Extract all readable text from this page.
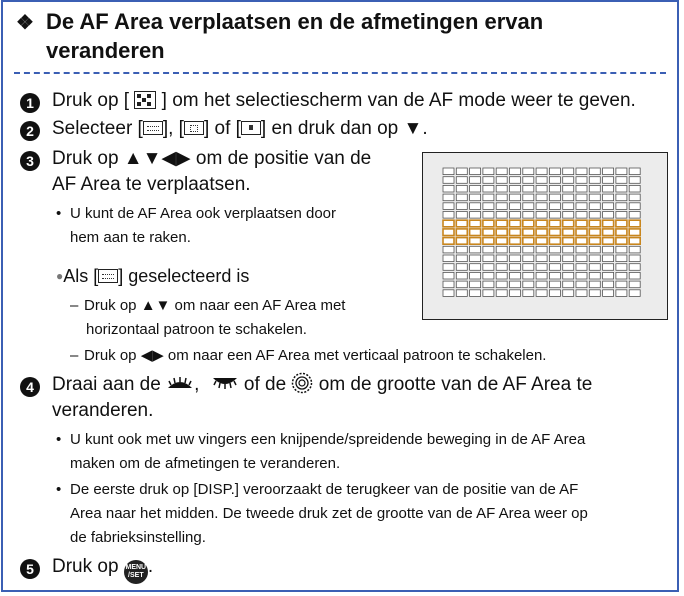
❖ De AF Area verplaatsen en de afmetingen ervan
veranderen
1 Druk op [ ] om het selectiescherm van de AF mode weer te geven.
2 Selecteer [ ], [ ] of [ ] en druk dan op ▼.
3 Druk op ▲▼◀▶ om de positie van de
AF Area te verplaatsen.
• U kunt de AF Area ook verplaatsen door
hem aan te raken.
●Als [ ] geselecteerd is
– Druk op ▲▼ om naar een AF Area met
horizontaal patroon te schakelen.
– Druk op ◀▶ om naar een AF Area met verticaal patroon te schakelen.
4 Draai aan de , of de om de grootte van de AF Area te
veranderen.
• U kunt ook met uw vingers een knijpende/spreidende beweging in de AF Area
maken om de afmetingen te veranderen.
• De eerste druk op [DISP.] veroorzaakt de terugkeer van de positie van de AF
Area naar het midden. De tweede druk zet de grootte van de AF Area weer op
de fabrieksinstelling.
5 Druk op MENU
/SET .
